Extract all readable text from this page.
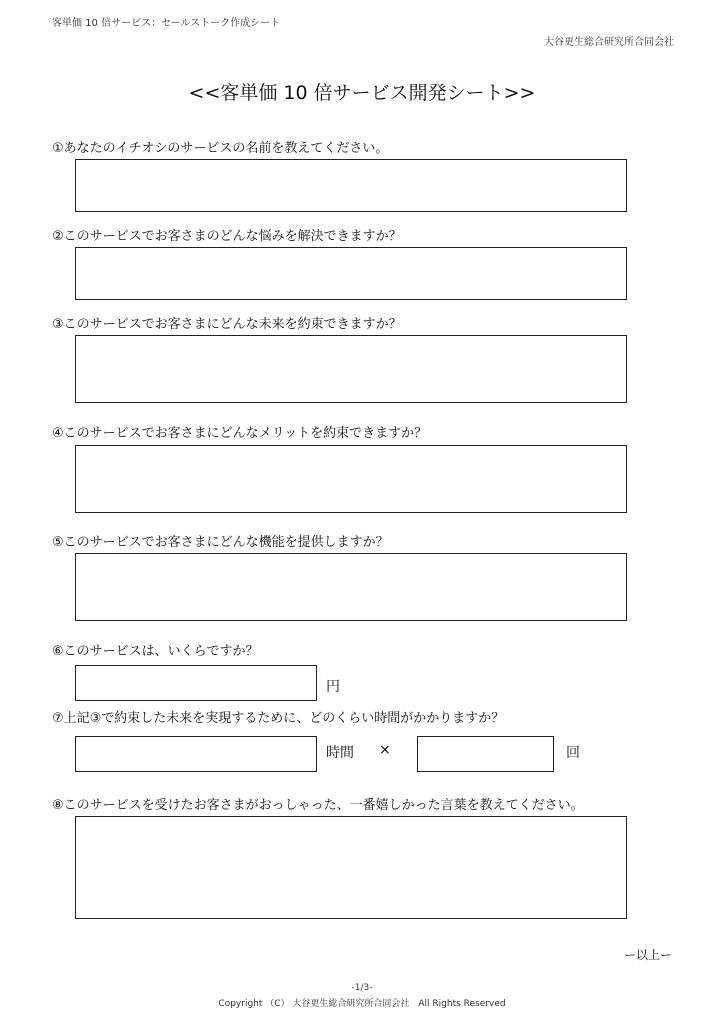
客単価 10 倍サービス：セールストーク作成シート
大谷更生総合研究所合同会社
<<客単価 10 倍サービス開発シート>>
①あなたのイチオシのサービスの名前を教えてください。
②このサービスでお客さまのどんな悩みを解決できますか？
③このサービスでお客さまにどんな未来を約束できますか？
④このサービスでお客さまにどんなメリットを約束できますか？
⑤このサービスでお客さまにどんな機能を提供しますか？
⑥このサービスは、いくらですか？
円
⑦上記③で約束した未来を実現するために、どのくらい時間がかかりますか？
時間 ×	回
⑧このサービスを受けたお客さまがおっしゃった、一番嬉しかった言葉を教えてください。
ー以上ー
-1/3-
Copyright （C） 大谷更生総合研究所合同会社　All Rights Reserved
